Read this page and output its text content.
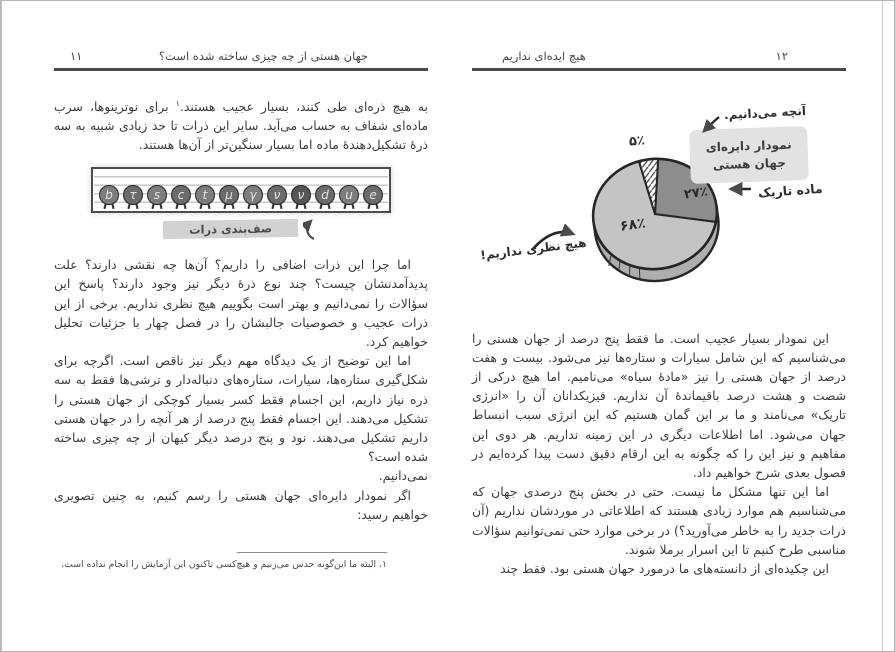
۱۱	جهان هستی از چه چیزی ساخته شده است؟

به هیچ ذره‌ای طی کنند، بسیار عجیب هستند.$^۱$ برای نوترینوها، سرب ماده‌ای شفاف به حساب می‌آید. سایر این ذرات تا حد زیادی شبیه به سه ذرهٔ تشکیل‌دهندهٔ ماده اما بسیار سنگین‌تر از آن‌ها هستند.

e
u
d
ν
ν
γ
μ
t
c
s
τ
b
صف‌بندی ذرات

اما چرا این ذرات اضافی را داریم؟ آن‌ها چه نقشی دارند؟ علت پدیدآمدنشان چیست؟ چند نوع ذرهٔ دیگر نیز وجود دارند؟ پاسخ این سؤالات را نمی‌دانیم و بهتر است بگوییم هیچ نظری نداریم. برخی از این ذرات عجیب و خصوصیات جالبشان را در فصل چهار با جزئیات تحلیل خواهیم کرد.

اما این توضیح از یک دیدگاه مهم دیگر نیز ناقص است. اگرچه برای شکل‌گیری ستاره‌ها، سیارات، ستاره‌های دنباله‌دار و ترشی‌ها فقط به سه ذره نیاز داریم، این اجسام فقط کسر بسیار کوچکی از جهان هستی را تشکیل می‌دهند. این اجسام فقط پنج درصد از هر آنچه را در جهان هستی داریم تشکیل می‌دهند. نود و پنج درصد دیگر کیهان از چه چیزی ساخته شده است؟

نمی‌دانیم.

اگر نمودار دایره‌ای جهان هستی را رسم کنیم، به چنین تصویری خواهیم رسید:

۱. البته ما این‌گونه حدس می‌زنیم و هیچ‌کسی تاکنون این آزمایش را انجام نداده است.

۱۲
هیچ ایده‌ای نداریم
نمودار دایره‌ای
جهان هستی
آنچه می‌دانیم.
۵٪
ماده تاریک
۲۷٪
۶۸٪
هیچ نظری نداریم!

این نمودار بسیار عجیب است. ما فقط پنج درصد از جهان هستی را می‌شناسیم که این شامل سیارات و ستاره‌ها نیز می‌شود. بیست و هفت درصد از جهان هستی را نیز «مادهٔ سیاه» می‌نامیم. اما هیچ درکی از شصت و هشت درصد باقیماندهٔ آن نداریم. فیزیکدانان آن را «انرژی تاریک» می‌نامند و ما بر این گمان هستیم که این انرژی سبب انبساط جهان می‌شود. اما اطلاعات دیگری در این زمینه نداریم. هر دوی این مفاهیم و نیز این را که چگونه به این ارقام دقیق دست پیدا کرده‌ایم در فصول بعدی شرح خواهیم داد.

اما این تنها مشکل ما نیست. حتی در بخش پنج درصدی جهان که می‌شناسیم هم موارد زیادی هستند که اطلاعاتی در موردشان نداریم (آن ذرات جدید را به خاطر می‌آورید؟) در برخی موارد حتی نمی‌توانیم سؤالات مناسبی طرح کنیم تا این اسرار برملا شوند.

این چکیده‌ای از دانسته‌های ما درمورد جهان هستی بود. فقط چند
